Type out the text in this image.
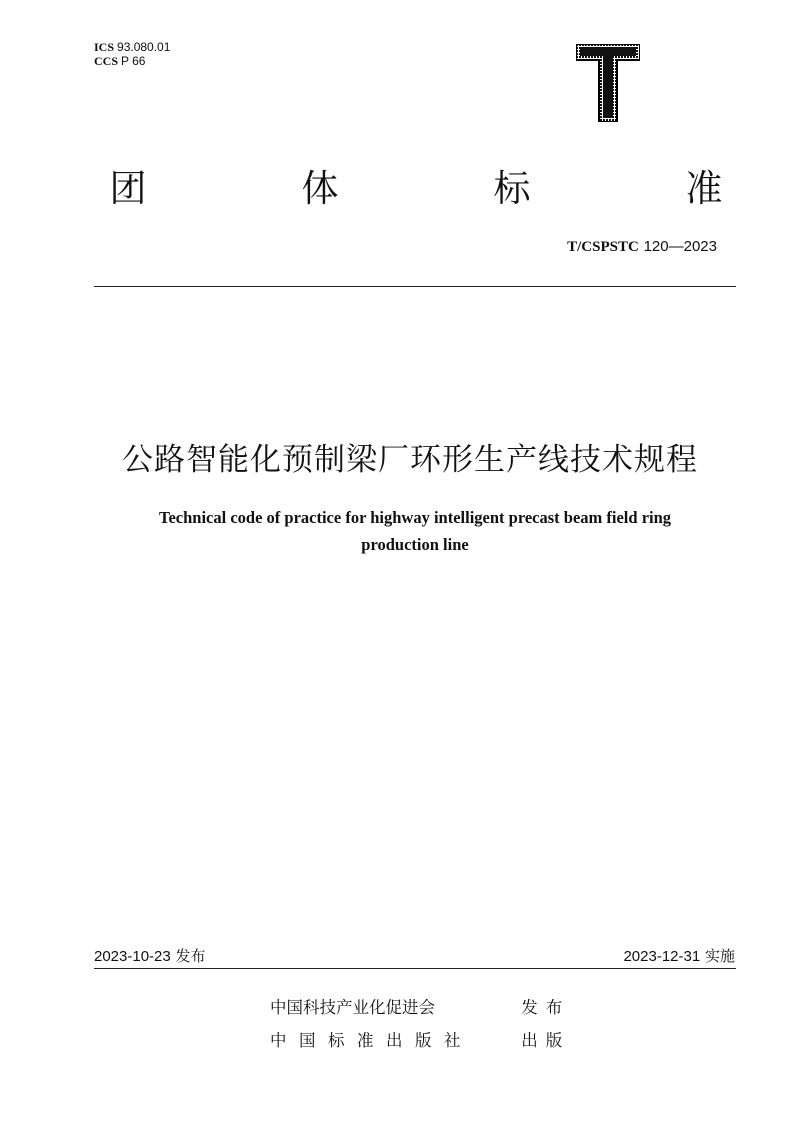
ICS 93.080.01
CCS P 66
团	体	标	准
T/CSPSTC 120—2023
公路智能化预制梁厂环形生产线技术规程
Technical code of practice for highway intelligent precast beam field ring
production line
2023-10-23 发布	2023-12-31 实施
中国科技产业化促进会	发布
中国标准出版社	出版
